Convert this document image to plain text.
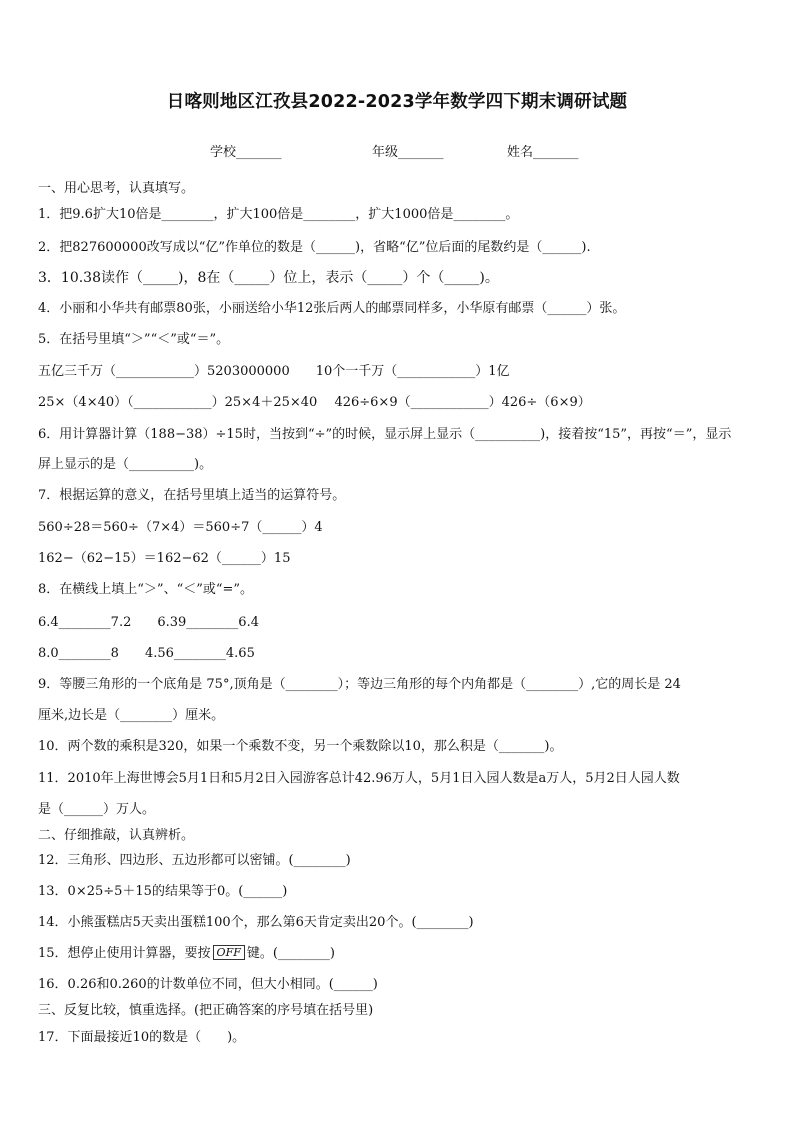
日喀则地区江孜县2022-2023学年数学四下期末调研试题
学校_______	年级_______	姓名_______
一、用心思考，认真填写。
1．把9.6扩大10倍是________，扩大100倍是________，扩大1000倍是________。
2．把827600000改写成以“亿”作单位的数是（______)，省略“亿”位后面的尾数约是（______).
3．10.38读作（_____)，8在（_____）位上，表示（_____）个（_____)。
4．小丽和小华共有邮票80张，小丽送给小华12张后两人的邮票同样多，小华原有邮票（______）张。
5．在括号里填“＞”“＜”或“＝”。
五亿三千万（____________）5203000000　　10个一千万（____________）1亿
25×（4×40）（____________）25×4＋25×40　 426÷6×9（____________）426÷（6×9）
6．用计算器计算（188−38）÷15时，当按到“÷”的时候，显示屏上显示（__________)，接着按“15”，再按“＝”，显示
屏上显示的是（__________)。
7．根据运算的意义，在括号里填上适当的运算符号。
560÷28＝560÷（7×4）＝560÷7（______）4
162−（62−15）＝162−62（______）15
8．在横线上填上“＞”、“＜”或“=”。
6.4________7.2　　6.39________6.4
8.0________8　　4.56________4.65
9．等腰三角形的一个底角是 75°,顶角是（________）；等边三角形的每个内角都是（________）,它的周长是 24
厘米,边长是（________）厘米。
10．两个数的乘积是320，如果一个乘数不变，另一个乘数除以10，那么积是（_______)。
11．2010年上海世博会5月1日和5月2日入园游客总计42.96万人，5月1日入园人数是a万人，5月2日人园人数
是（______）万人。
二、仔细推敲，认真辨析。
12．三角形、四边形、五边形都可以密铺。(________)
13．0×25÷5＋15的结果等于0。(______)
14．小熊蛋糕店5天卖出蛋糕100个，那么第6天肯定卖出20个。(________)
15．想停止使用计算器，要按 OFF 键。(________)
16．0.26和0.260的计数单位不同，但大小相同。(______)
三、反复比较，慎重选择。(把正确答案的序号填在括号里)
17．下面最接近10的数是（　　)。
